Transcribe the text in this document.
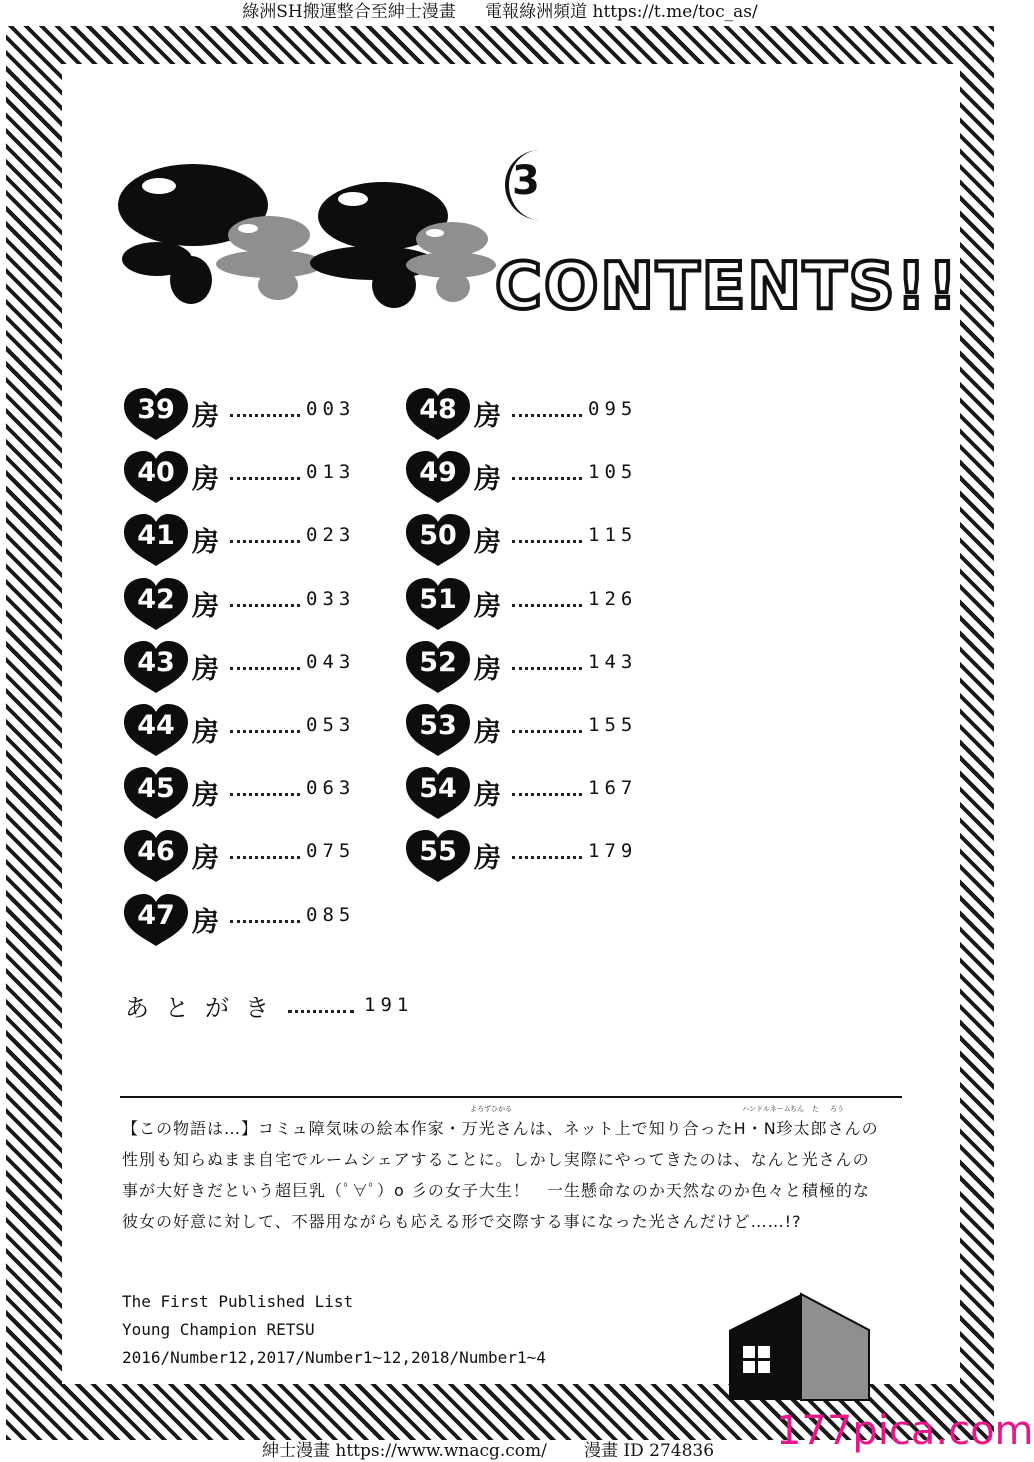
綠洲SH搬運整合至紳士漫畫 電報綠洲頻道 https://t.me/toc_as/
3
CONTENTS!!
39 房	003
40 房	013
41 房	023
42 房	033
43 房	043
44 房	053
45 房	063
46 房	075
47 房	085
48 房	095
49 房	105
50 房	115
51 房	126
52 房	143
53 房	155
54 房	167
55 房	179
あとがき	191
よろずひかる	ハンドルネーム ちん た ろう
【この物語は…】コミュ障気味の絵本作家・万光さんは、ネット上で知り合ったH・N珍太郎さんの
性別も知らぬまま自宅でルームシェアすることに。しかし実際にやってきたのは、なんと光さんの
事が大好きだという超巨乳（ﾟ∀ﾟ）o 彡の女子大生！　一生懸命なのか天然なのか色々と積極的な
彼女の好意に対して、不器用ながらも応える形で交際する事になった光さんだけど……!?
The First Published List
Young Champion RETSU
2016/Number12,2017/Number1~12,2018/Number1~4
紳士漫畫 https://www.wnacg.com/ 漫畫 ID 274836 177pica.com
